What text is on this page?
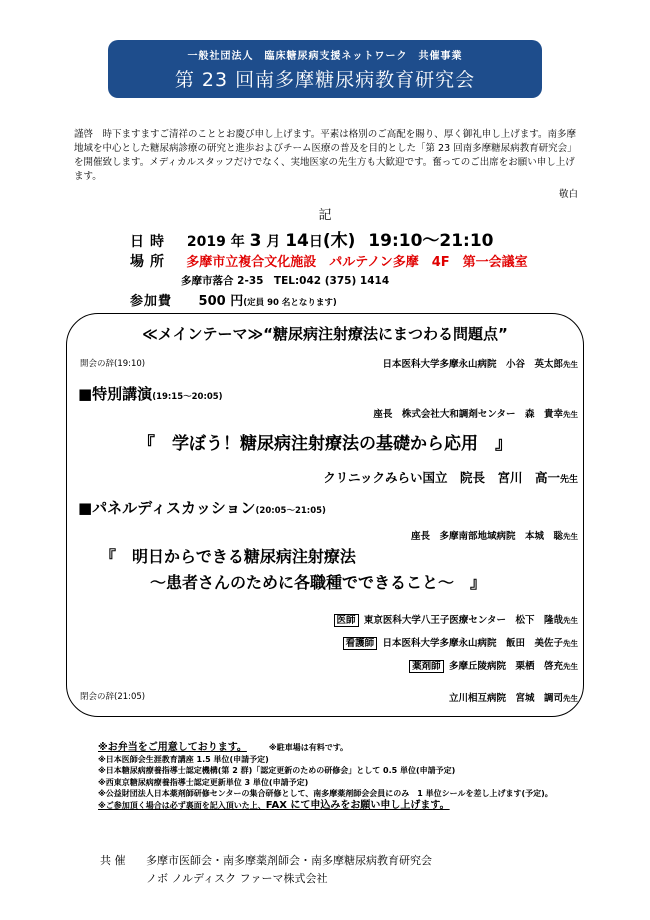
一般社団法人　臨床糖尿病支援ネットワーク　共催事業
第 23 回南多摩糖尿病教育研究会
謹啓　時下ますますご清祥のこととお慶び申し上げます。平素は格別のご高配を賜り、厚く御礼申し上げます。南多摩地域を中心とした糖尿病診療の研究と進歩およびチーム医療の普及を目的とした「第 23 回南多摩糖尿病教育研究会」を開催致します。メディカルスタッフだけでなく、実地医家の先生方も大歓迎です。奮ってのご出席をお願い申し上げます。
敬白
記
日時 2019 年 3 月 14日(木) 19:10～21:10
場所 多摩市立複合文化施設　パルテノン多摩　4F　第一会議室
多摩市落合 2-35　TEL:042 (375) 1414
参加費 500 円(定員 90 名となります)
≪メインテーマ≫“糖尿病注射療法にまつわる問題点”
開会の辞(19:10)	日本医科大学多摩永山病院　小谷　英太郎先生
■特別講演(19:15～20:05)
座長　株式会社大和調剤センター　森　貴幸先生
『　学ぼう！糖尿病注射療法の基礎から応用　』
クリニックみらい国立　院長　宮川　高一先生
■パネルディスカッション(20:05～21:05)
座長　多摩南部地域病院　本城　聡先生
『　明日からできる糖尿病注射療法
～患者さんのために各職種でできること～　』
医師 東京医科大学八王子医療センター　松下　隆哉先生
看護師 日本医科大学多摩永山病院　飯田　美佐子先生
薬剤師 多摩丘陵病院　栗栖　啓充先生
閉会の辞(21:05)	立川相互病院　宮城　調司先生
※お弁当をご用意しております。	※駐車場は有料です。
※日本医師会生涯教育講座 1.5 単位(申請予定)
※日本糖尿病療養指導士認定機構(第 2 群)「認定更新のための研修会」として 0.5 単位(申請予定)
※西東京糖尿病療養指導士認定更新単位 3 単位(申請予定)
※公益財団法人日本薬剤師研修センターの集合研修として、南多摩薬剤師会会員にのみ　1 単位シールを差し上げます(予定)。
※ご参加頂く場合は必ず裏面を記入頂いた上、FAX にて申込みをお願い申し上げます。
共 催 多摩市医師会・南多摩薬剤師会・南多摩糖尿病教育研究会
ノボ ノルディスク ファーマ株式会社
